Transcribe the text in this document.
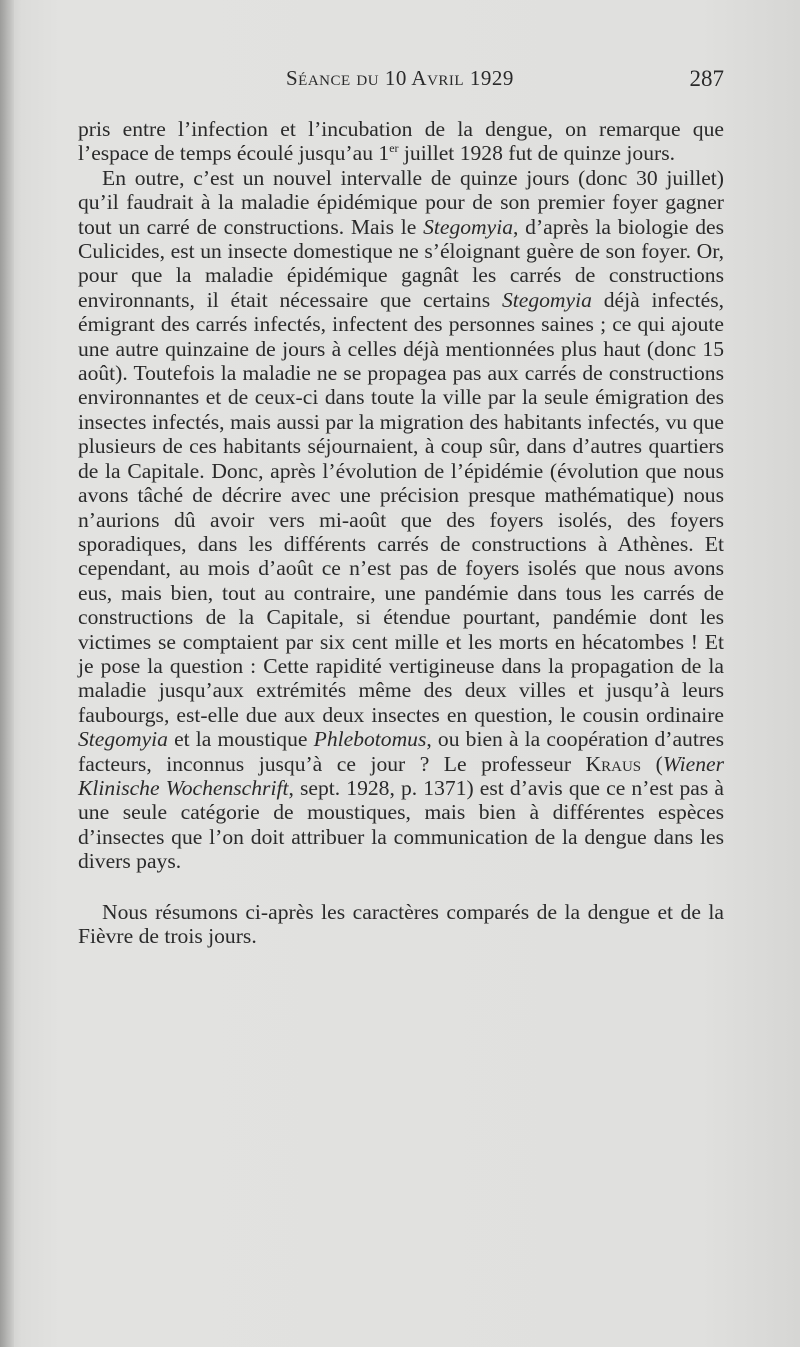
Séance du 10 Avril 1929	287

pris entre l’infection et l’incubation de la dengue, on remarque que l’espace de temps écoulé jusqu’au 1er juillet 1928 fut de quinze jours.

En outre, c’est un nouvel intervalle de quinze jours (donc 30 juillet) qu’il faudrait à la maladie épidémique pour de son premier foyer gagner tout un carré de constructions. Mais le Stegomyia, d’après la biologie des Culicides, est un insecte domestique ne s’éloignant guère de son foyer. Or, pour que la maladie épidémique gagnât les carrés de constructions environnants, il était nécessaire que certains Stegomyia déjà infectés, émigrant des carrés infectés, infectent des personnes saines ; ce qui ajoute une autre quinzaine de jours à celles déjà mentionnées plus haut (donc 15 août). Toutefois la maladie ne se propagea pas aux carrés de constructions environnantes et de ceux-ci dans toute la ville par la seule émigration des insectes infectés, mais aussi par la migration des habitants infectés, vu que plusieurs de ces habitants séjournaient, à coup sûr, dans d’autres quartiers de la Capitale. Donc, après l’évolution de l’épidémie (évolution que nous avons tâché de décrire avec une précision presque mathématique) nous n’aurions dû avoir vers mi-août que des foyers isolés, des foyers sporadiques, dans les différents carrés de constructions à Athènes. Et cependant, au mois d’août ce n’est pas de foyers isolés que nous avons eus, mais bien, tout au contraire, une pandémie dans tous les carrés de constructions de la Capitale, si étendue pourtant, pandémie dont les victimes se comptaient par six cent mille et les morts en hécatombes ! Et je pose la question : Cette rapidité vertigineuse dans la propagation de la maladie jusqu’aux extrémités même des deux villes et jusqu’à leurs faubourgs, est-elle due aux deux insectes en question, le cousin ordinaire Stegomyia et la moustique Phlebotomus, ou bien à la coopération d’autres facteurs, inconnus jusqu’à ce jour ? Le professeur Kraus (Wiener Klinische Wochenschrift, sept. 1928, p. 1371) est d’avis que ce n’est pas à une seule catégorie de moustiques, mais bien à différentes espèces d’insectes que l’on doit attribuer la communication de la dengue dans les divers pays.

Nous résumons ci-après les caractères comparés de la dengue et de la Fièvre de trois jours.
